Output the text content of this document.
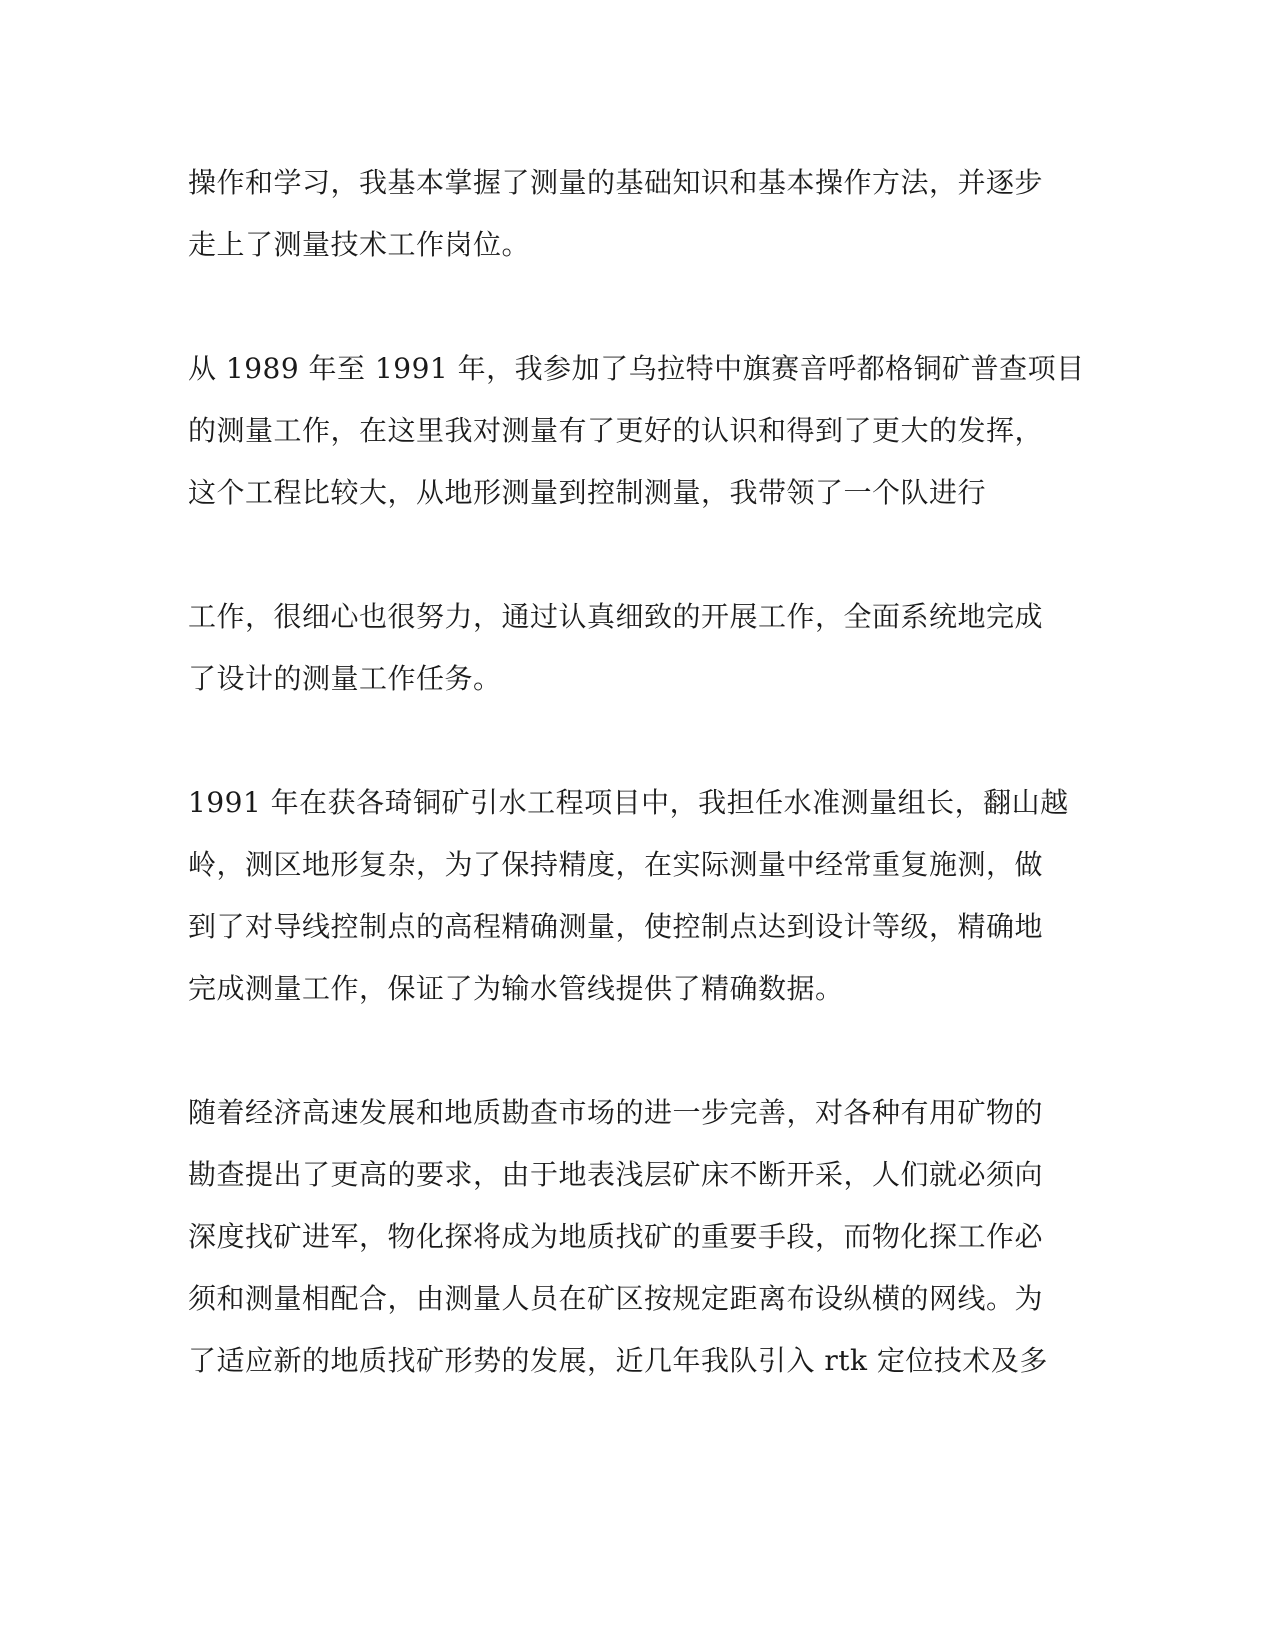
操作和学习，我基本掌握了测量的基础知识和基本操作方法，并逐步
走上了测量技术工作岗位。
从 1989 年至 1991 年，我参加了乌拉特中旗赛音呼都格铜矿普查项目
的测量工作，在这里我对测量有了更好的认识和得到了更大的发挥，
这个工程比较大，从地形测量到控制测量，我带领了一个队进行
工作，很细心也很努力，通过认真细致的开展工作，全面系统地完成
了设计的测量工作任务。
1991 年在获各琦铜矿引水工程项目中，我担任水准测量组长，翻山越
岭，测区地形复杂，为了保持精度，在实际测量中经常重复施测，做
到了对导线控制点的高程精确测量，使控制点达到设计等级，精确地
完成测量工作，保证了为输水管线提供了精确数据。
随着经济高速发展和地质勘查市场的进一步完善，对各种有用矿物的
勘查提出了更高的要求，由于地表浅层矿床不断开采，人们就必须向
深度找矿进军，物化探将成为地质找矿的重要手段，而物化探工作必
须和测量相配合，由测量人员在矿区按规定距离布设纵横的网线。为
了适应新的地质找矿形势的发展，近几年我队引入 rtk 定位技术及多
